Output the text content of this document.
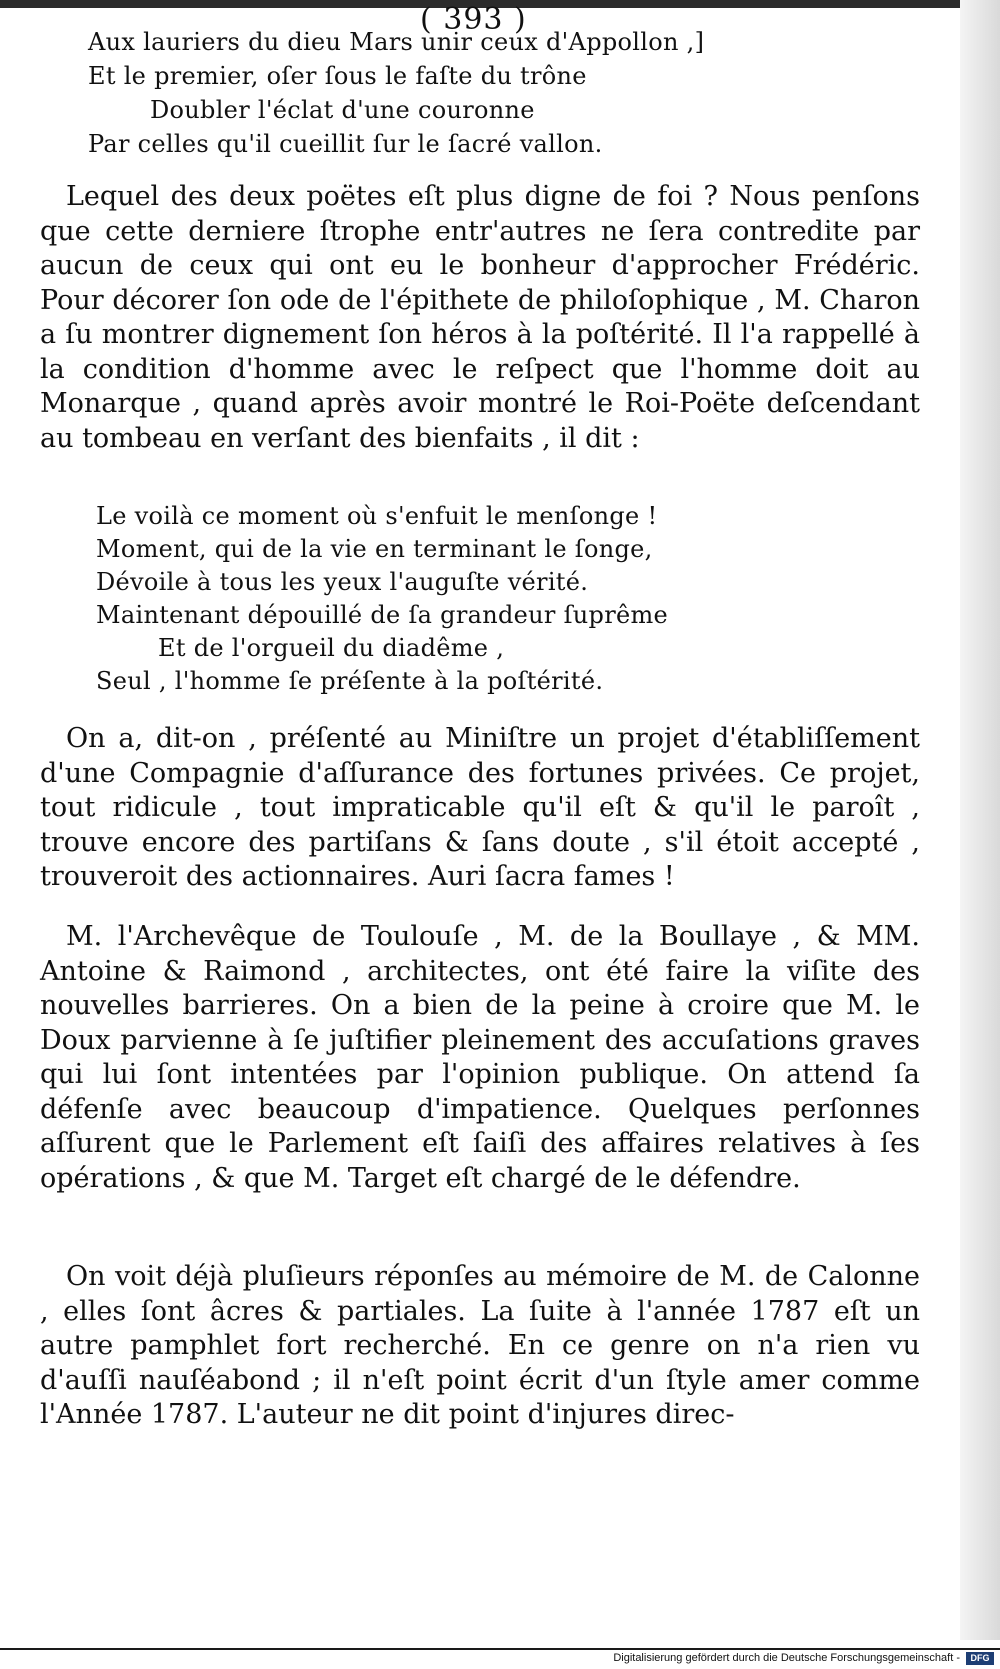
( 393 )
Aux lauriers du dieu Mars unir ceux d'Appollon ,]
Et le premier, oſer ſous le faſte du trône
Doubler l'éclat d'une couronne
Par celles qu'il cueillit ſur le ſacré vallon.
Lequel des deux poëtes eſt plus digne de foi ? Nous penſons que cette derniere ſtrophe entr'autres ne ſera contredite par aucun de ceux qui ont eu le bonheur d'approcher Frédéric. Pour décorer ſon ode de l'épithete de philoſophique , M. Charon a ſu montrer dignement ſon héros à la poſtérité. Il l'a rappellé à la condition d'homme avec le reſpect que l'homme doit au Monarque , quand après avoir montré le Roi-Poëte deſcendant au tombeau en verſant des bienfaits , il dit :
Le voilà ce moment où s'enfuit le menſonge !
Moment, qui de la vie en terminant le ſonge,
Dévoile à tous les yeux l'auguſte vérité.
Maintenant dépouillé de ſa grandeur ſuprême
Et de l'orgueil du diadême ,
Seul , l'homme ſe préſente à la poſtérité.
On a, dit-on , préſenté au Miniſtre un projet d'établiſſement d'une Compagnie d'aſſurance des fortunes privées. Ce projet, tout ridicule , tout impraticable qu'il eſt & qu'il le paroît , trouve encore des partiſans & ſans doute , s'il étoit accepté , trouveroit des actionnaires. Auri ſacra fames !
M. l'Archevêque de Toulouſe , M. de la Boullaye , & MM. Antoine & Raimond , architectes, ont été faire la viſite des nouvelles barrieres. On a bien de la peine à croire que M. le Doux parvienne à ſe juſtifier pleinement des accuſations graves qui lui ſont intentées par l'opinion publique. On attend ſa défenſe avec beaucoup d'impatience. Quelques perſonnes aſſurent que le Parlement eſt ſaiſi des affaires relatives à ſes opérations , & que M. Target eſt chargé de le défendre.
On voit déjà pluſieurs réponſes au mémoire de M. de Calonne , elles ſont âcres & partiales. La ſuite à l'année 1787 eſt un autre pamphlet fort recherché. En ce genre on n'a rien vu d'auſſi nauſéabond ; il n'eſt point écrit d'un ſtyle amer comme l'Année 1787. L'auteur ne dit point d'injures direc-
Digitalisierung gefördert durch die Deutsche Forschungsgemeinschaft -	DFG
